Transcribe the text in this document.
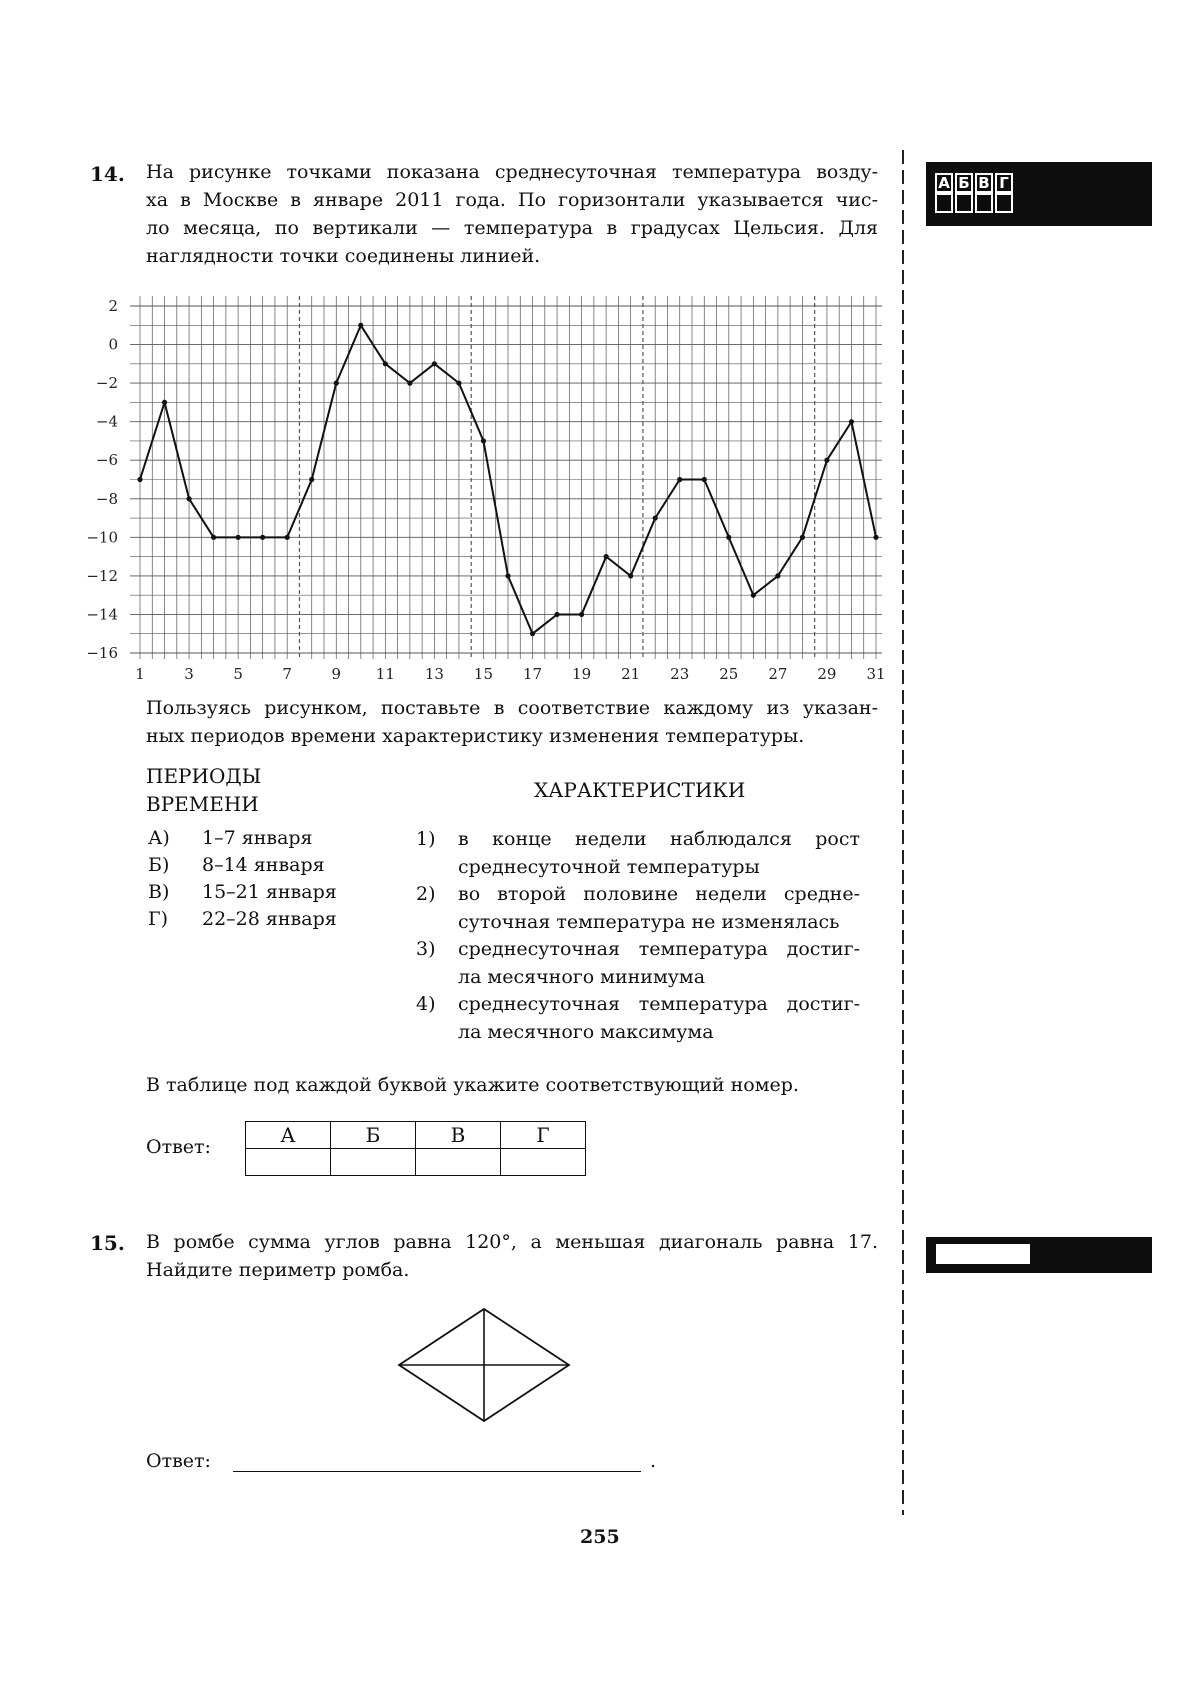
14. На рисунке точками показана среднесуточная температура возду-
ха в Москве в январе 2011 года. По горизонтали указывается чис-
ло месяца, по вертикали — температура в градусах Цельсия. Для
наглядности точки соединены линией.
А Б В Г
2
0
−2
−4
−6
−8
−10
−12
−14
−16
1	3	5	7	9 11 13 15 17 19 21 23 25 27 29 31
Пользуясь рисунком, поставьте в соответствие каждому из указан-
ных периодов времени характеристику изменения температуры.
ПЕРИОДЫ
ВРЕМЕНИ
ХАРАКТЕРИСТИКИ
А) 1–7 января
Б) 8–14 января
В) 15–21 января
Г) 22–28 января
1) в конце недели наблюдался рост
среднесуточной температуры
2) во второй половине недели средне-
суточная температура не изменялась
3) среднесуточная температура достиг-
ла месячного минимума
4) среднесуточная температура достиг-
ла месячного максимума
В таблице под каждой буквой укажите соответствующий номер.
Ответ:	А	Б	В	Г

15. В ромбе сумма углов равна 120°, а меньшая диагональ равна 17.
Найдите периметр ромба.
Ответ:	.
255
